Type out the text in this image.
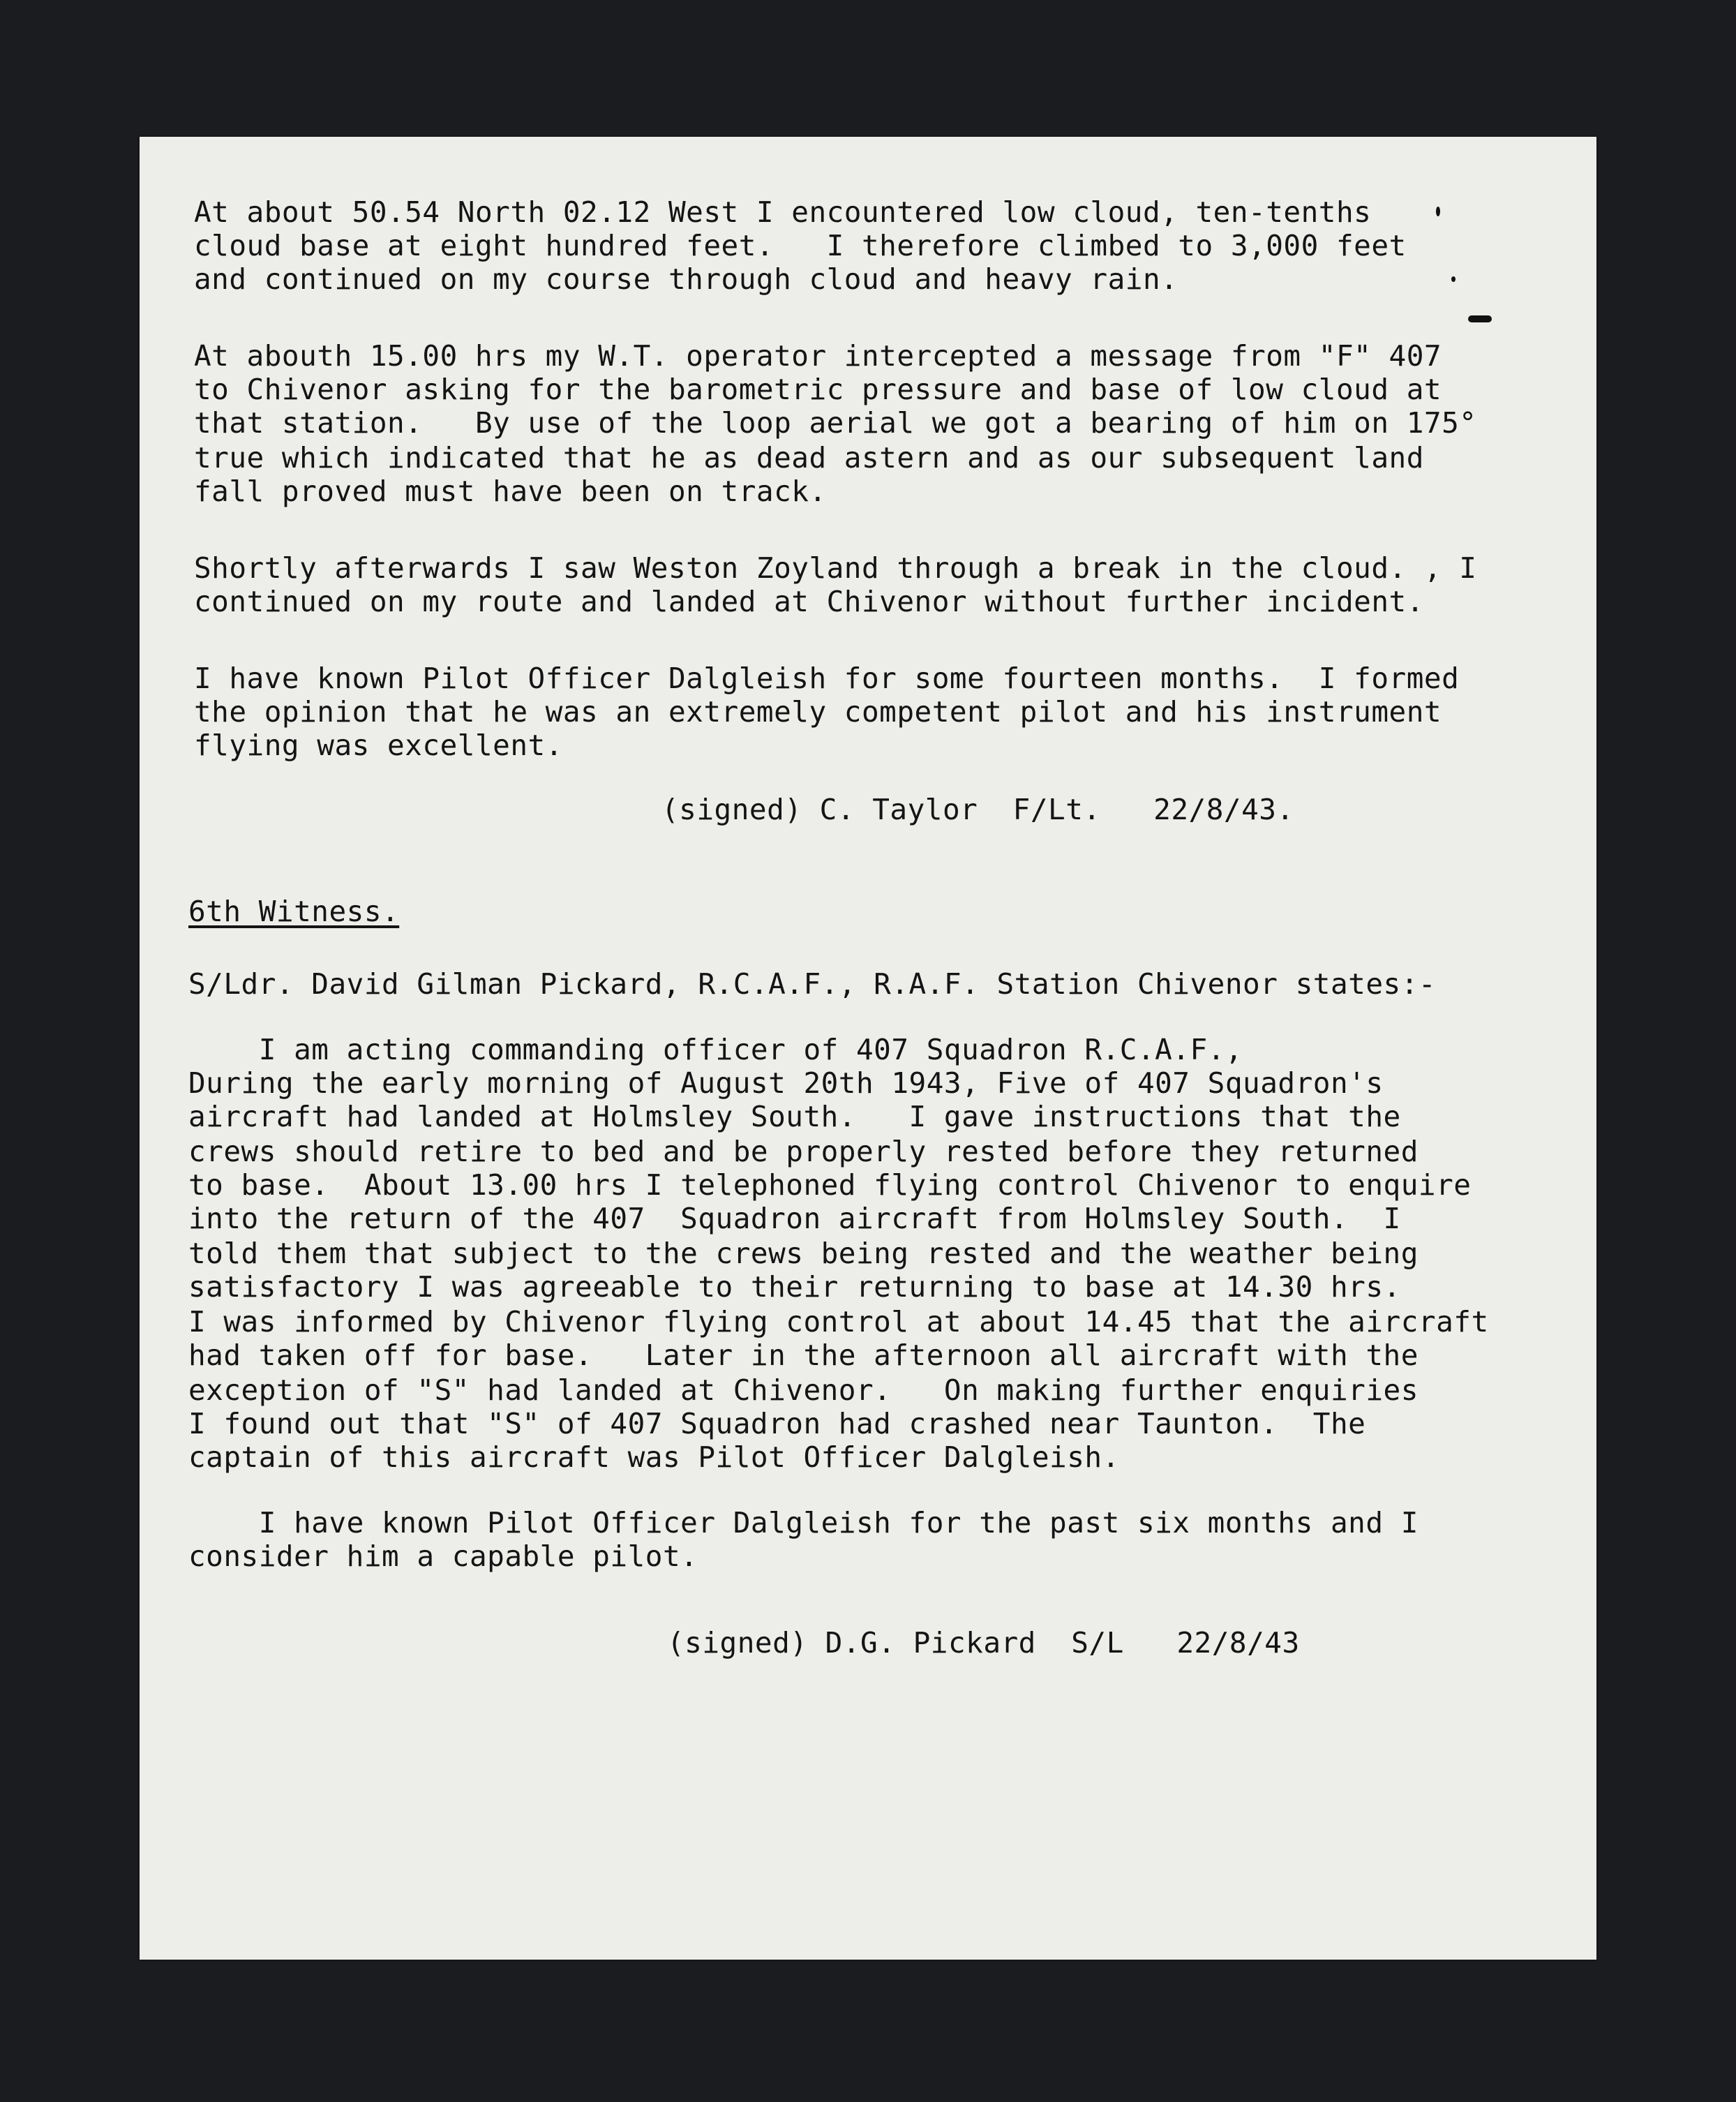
At about 50.54 North 02.12 West I encountered low cloud, ten-tenths
cloud base at eight hundred feet.   I therefore climbed to 3,000 feet
and continued on my course through cloud and heavy rain.
At abouth 15.00 hrs my W.T. operator intercepted a message from "F" 407
to Chivenor asking for the barometric pressure and base of low cloud at
that station.   By use of the loop aerial we got a bearing of him on 175°
true which indicated that he as dead astern and as our subsequent land
fall proved must have been on track.
Shortly afterwards I saw Weston Zoyland through a break in the cloud. , I
continued on my route and landed at Chivenor without further incident.
I have known Pilot Officer Dalgleish for some fourteen months.  I formed
the opinion that he was an extremely competent pilot and his instrument
flying was excellent.
(signed) C. Taylor  F/Lt.   22/8/43.
6th Witness.
S/Ldr. David Gilman Pickard, R.C.A.F., R.A.F. Station Chivenor states:-
I am acting commanding officer of 407 Squadron R.C.A.F.,
During the early morning of August 20th 1943, Five of 407 Squadron's
aircraft had landed at Holmsley South.   I gave instructions that the
crews should retire to bed and be properly rested before they returned
to base.  About 13.00 hrs I telephoned flying control Chivenor to enquire
into the return of the 407  Squadron aircraft from Holmsley South.  I
told them that subject to the crews being rested and the weather being
satisfactory I was agreeable to their returning to base at 14.30 hrs.
I was informed by Chivenor flying control at about 14.45 that the aircraft
had taken off for base.   Later in the afternoon all aircraft with the
exception of "S" had landed at Chivenor.   On making further enquiries
I found out that "S" of 407 Squadron had crashed near Taunton.  The
captain of this aircraft was Pilot Officer Dalgleish.
I have known Pilot Officer Dalgleish for the past six months and I
consider him a capable pilot.
(signed) D.G. Pickard  S/L   22/8/43
